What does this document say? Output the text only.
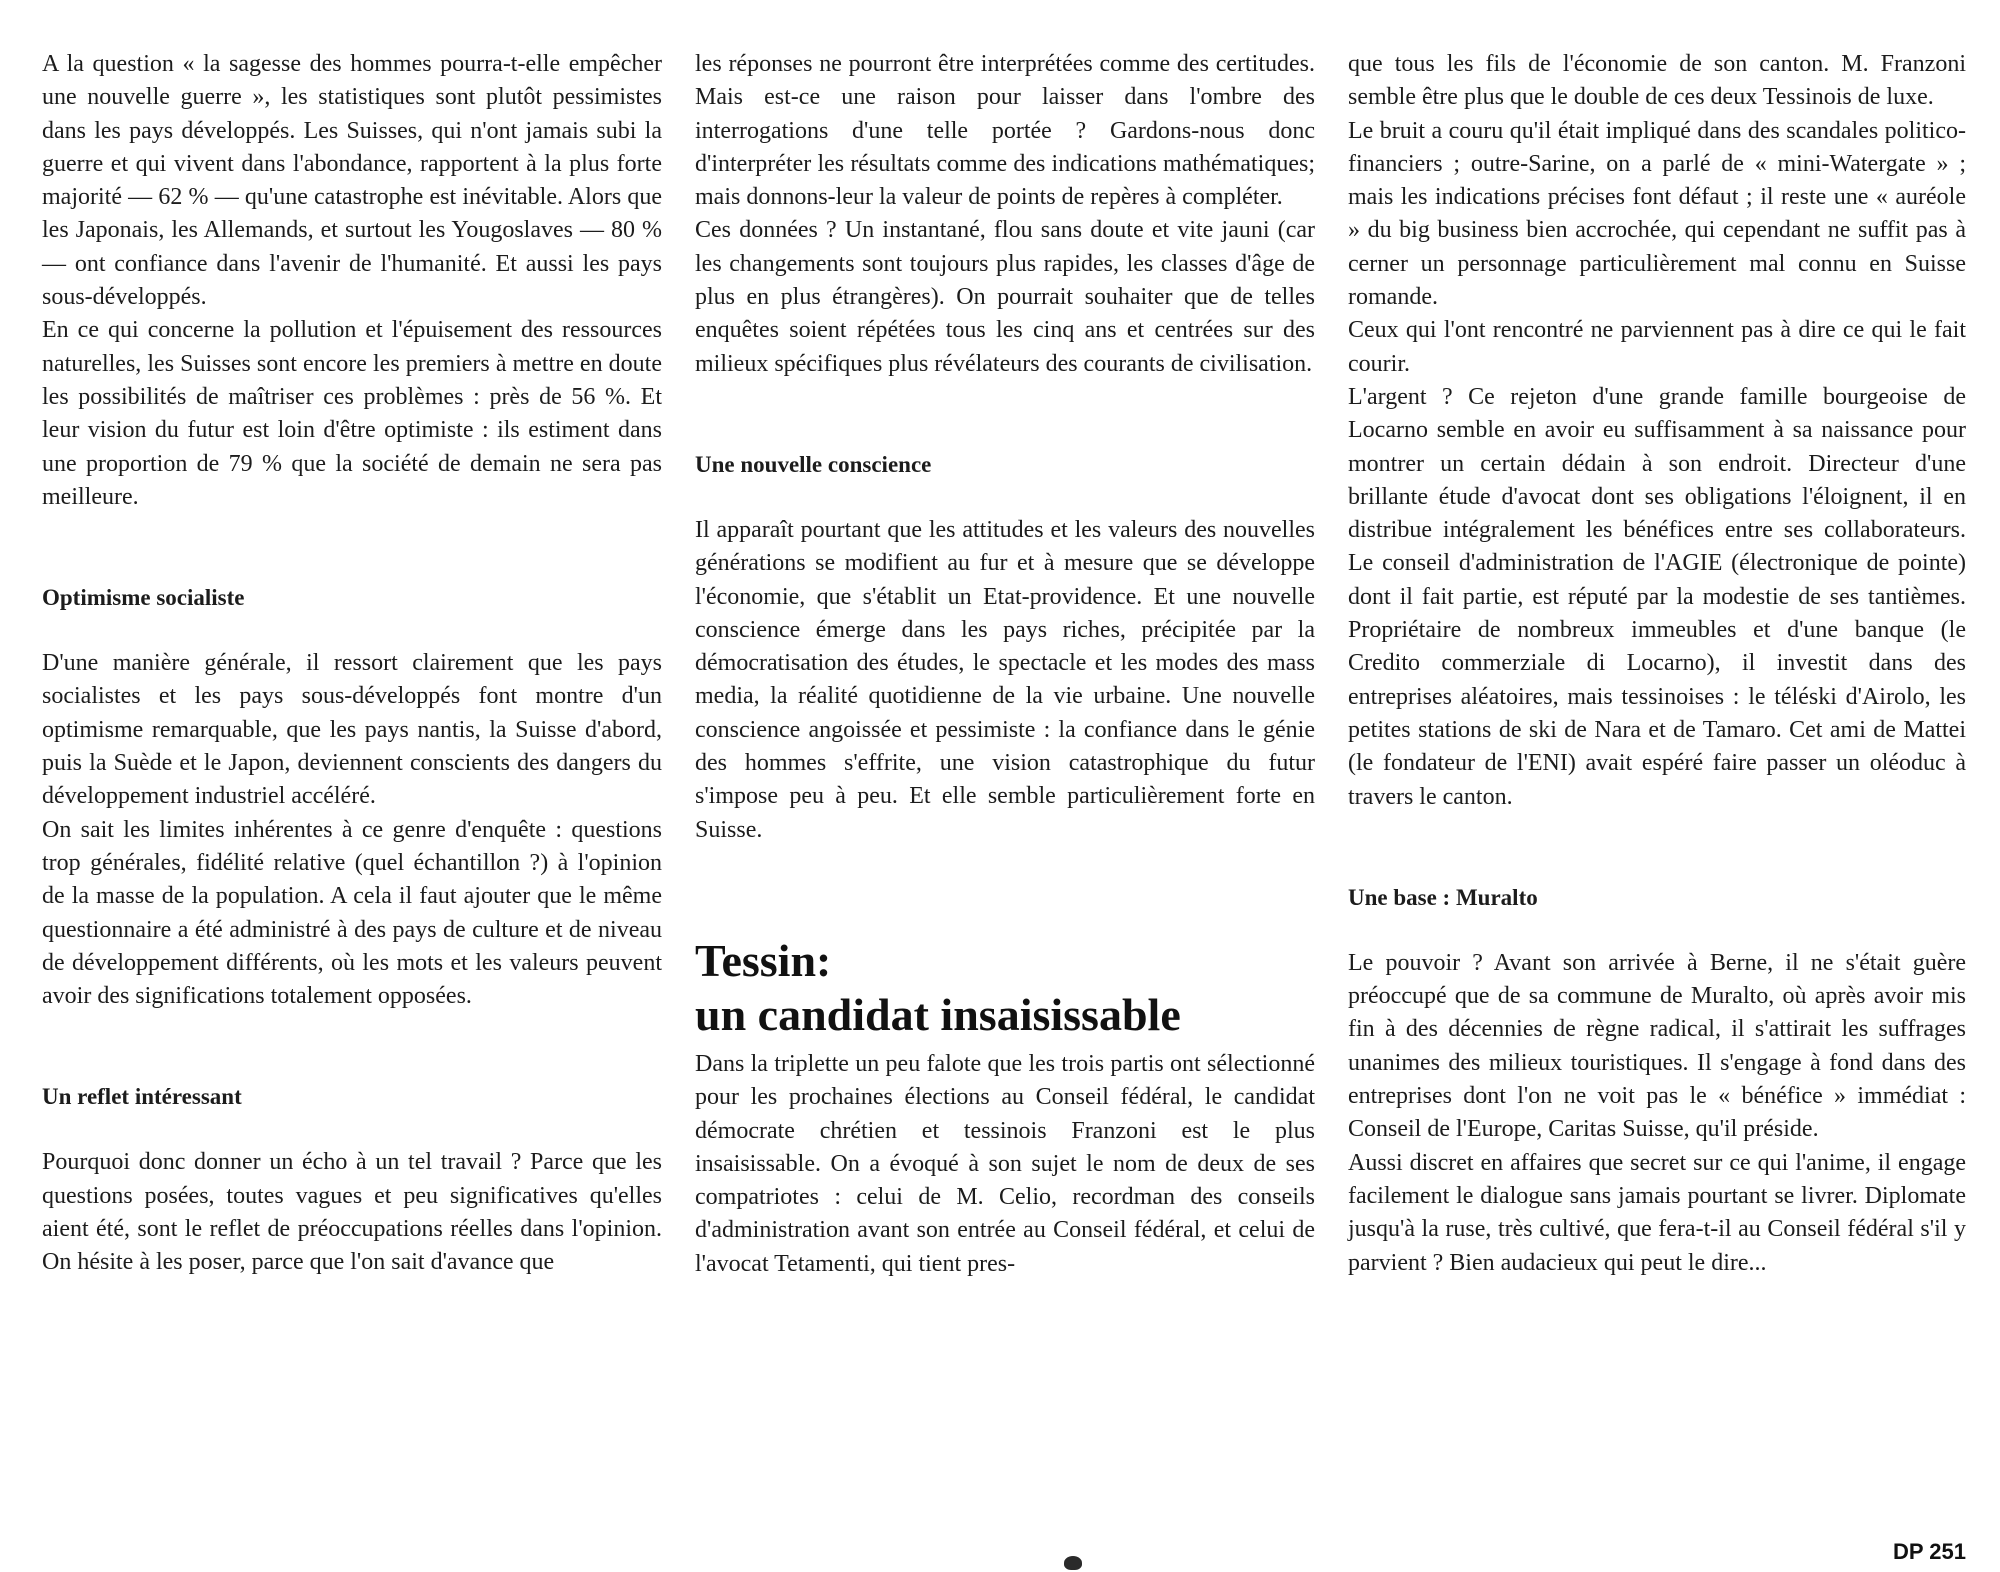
A la question « la sagesse des hommes pourra-t-elle empêcher une nouvelle guerre », les statistiques sont plutôt pessimistes dans les pays développés. Les Suisses, qui n'ont jamais subi la guerre et qui vivent dans l'abondance, rapportent à la plus forte majorité — 62 % — qu'une catastrophe est inévitable. Alors que les Japonais, les Allemands, et surtout les Yougoslaves — 80 % — ont confiance dans l'avenir de l'humanité. Et aussi les pays sous-développés.

En ce qui concerne la pollution et l'épuisement des ressources naturelles, les Suisses sont encore les premiers à mettre en doute les possibilités de maîtriser ces problèmes : près de 56 %. Et leur vision du futur est loin d'être optimiste : ils estiment dans une proportion de 79 % que la société de demain ne sera pas meilleure.

Optimisme socialiste

D'une manière générale, il ressort clairement que les pays socialistes et les pays sous-développés font montre d'un optimisme remarquable, que les pays nantis, la Suisse d'abord, puis la Suède et le Japon, deviennent conscients des dangers du développement industriel accéléré.

On sait les limites inhérentes à ce genre d'enquête : questions trop générales, fidélité relative (quel échantillon ?) à l'opinion de la masse de la population. A cela il faut ajouter que le même questionnaire a été administré à des pays de culture et de niveau de développement différents, où les mots et les valeurs peuvent avoir des significations totalement opposées.

Un reflet intéressant

Pourquoi donc donner un écho à un tel travail ? Parce que les questions posées, toutes vagues et peu significatives qu'elles aient été, sont le reflet de préoccupations réelles dans l'opinion. On hésite à les poser, parce que l'on sait d'avance que

les réponses ne pourront être interprétées comme des certitudes. Mais est-ce une raison pour laisser dans l'ombre des interrogations d'une telle portée ? Gardons-nous donc d'interpréter les résultats comme des indications mathématiques; mais donnons-leur la valeur de points de repères à compléter.

Ces données ? Un instantané, flou sans doute et vite jauni (car les changements sont toujours plus rapides, les classes d'âge de plus en plus étrangères). On pourrait souhaiter que de telles enquêtes soient répétées tous les cinq ans et centrées sur des milieux spécifiques plus révélateurs des courants de civilisation.

Une nouvelle conscience

Il apparaît pourtant que les attitudes et les valeurs des nouvelles générations se modifient au fur et à mesure que se développe l'économie, que s'établit un Etat-providence. Et une nouvelle conscience émerge dans les pays riches, précipitée par la démocratisation des études, le spectacle et les modes des mass media, la réalité quotidienne de la vie urbaine. Une nouvelle conscience angoissée et pessimiste : la confiance dans le génie des hommes s'effrite, une vision catastrophique du futur s'impose peu à peu. Et elle semble particulièrement forte en Suisse.

Tessin:
un candidat insaisissable

Dans la triplette un peu falote que les trois partis ont sélectionné pour les prochaines élections au Conseil fédéral, le candidat démocrate chrétien et tessinois Franzoni est le plus insaisissable. On a évoqué à son sujet le nom de deux de ses compatriotes : celui de M. Celio, recordman des conseils d'administration avant son entrée au Conseil fédéral, et celui de l'avocat Tetamenti, qui tient pres-

que tous les fils de l'économie de son canton. M. Franzoni semble être plus que le double de ces deux Tessinois de luxe.

Le bruit a couru qu'il était impliqué dans des scandales politico-financiers ; outre-Sarine, on a parlé de « mini-Watergate » ; mais les indications précises font défaut ; il reste une « auréole » du big business bien accrochée, qui cependant ne suffit pas à cerner un personnage particulièrement mal connu en Suisse romande.

Ceux qui l'ont rencontré ne parviennent pas à dire ce qui le fait courir.

L'argent ? Ce rejeton d'une grande famille bourgeoise de Locarno semble en avoir eu suffisamment à sa naissance pour montrer un certain dédain à son endroit. Directeur d'une brillante étude d'avocat dont ses obligations l'éloignent, il en distribue intégralement les bénéfices entre ses collaborateurs. Le conseil d'administration de l'AGIE (électronique de pointe) dont il fait partie, est réputé par la modestie de ses tantièmes. Propriétaire de nombreux immeubles et d'une banque (le Credito commerziale di Locarno), il investit dans des entreprises aléatoires, mais tessinoises : le téléski d'Airolo, les petites stations de ski de Nara et de Tamaro. Cet ami de Mattei (le fondateur de l'ENI) avait espéré faire passer un oléoduc à travers le canton.

Une base : Muralto

Le pouvoir ? Avant son arrivée à Berne, il ne s'était guère préoccupé que de sa commune de Muralto, où après avoir mis fin à des décennies de règne radical, il s'attirait les suffrages unanimes des milieux touristiques. Il s'engage à fond dans des entreprises dont l'on ne voit pas le « bénéfice » immédiat : Conseil de l'Europe, Caritas Suisse, qu'il préside.

Aussi discret en affaires que secret sur ce qui l'anime, il engage facilement le dialogue sans jamais pourtant se livrer. Diplomate jusqu'à la ruse, très cultivé, que fera-t-il au Conseil fédéral s'il y parvient ? Bien audacieux qui peut le dire...

DP 251
